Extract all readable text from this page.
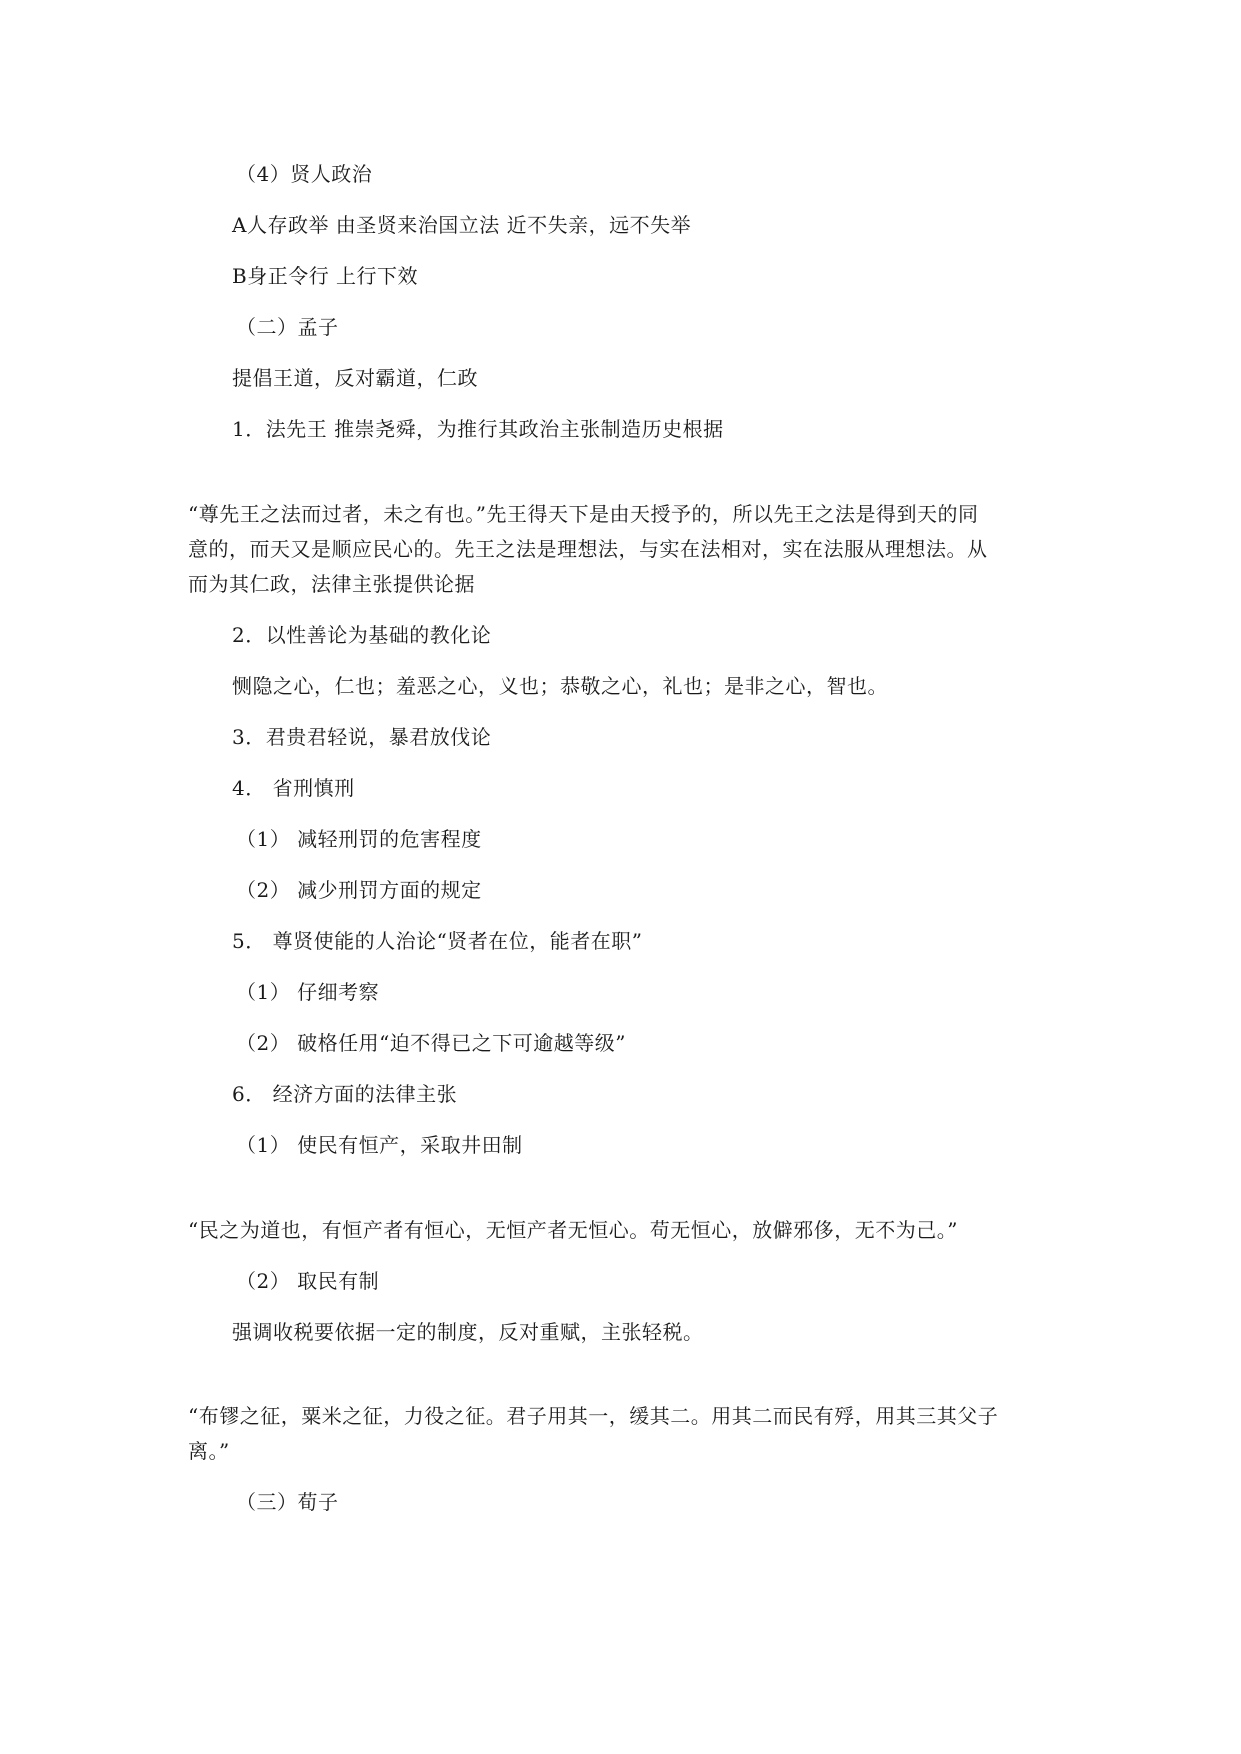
（4）贤人政治
A人存政举 由圣贤来治国立法 近不失亲，远不失举
B身正令行 上行下效
（二）孟子
提倡王道，反对霸道，仁政
1．法先王 推崇尧舜，为推行其政治主张制造历史根据
“尊先王之法而过者，未之有也。”先王得天下是由天授予的，所以先王之法是得到天的同
意的，而天又是顺应民心的。先王之法是理想法，与实在法相对，实在法服从理想法。从
而为其仁政，法律主张提供论据
2．以性善论为基础的教化论
恻隐之心，仁也；羞恶之心，义也；恭敬之心，礼也；是非之心，智也。
3．君贵君轻说，暴君放伐论
4． 省刑慎刑
（1） 减轻刑罚的危害程度
（2） 减少刑罚方面的规定
5． 尊贤使能的人治论“贤者在位，能者在职”
（1） 仔细考察
（2） 破格任用“迫不得已之下可逾越等级”
6． 经济方面的法律主张
（1） 使民有恒产，采取井田制
“民之为道也，有恒产者有恒心，无恒产者无恒心。苟无恒心，放僻邪侈，无不为己。”
（2） 取民有制
强调收税要依据一定的制度，反对重赋，主张轻税。
“布镠之征，粟米之征，力役之征。君子用其一，缓其二。用其二而民有殍，用其三其父子
离。”
（三）荀子
